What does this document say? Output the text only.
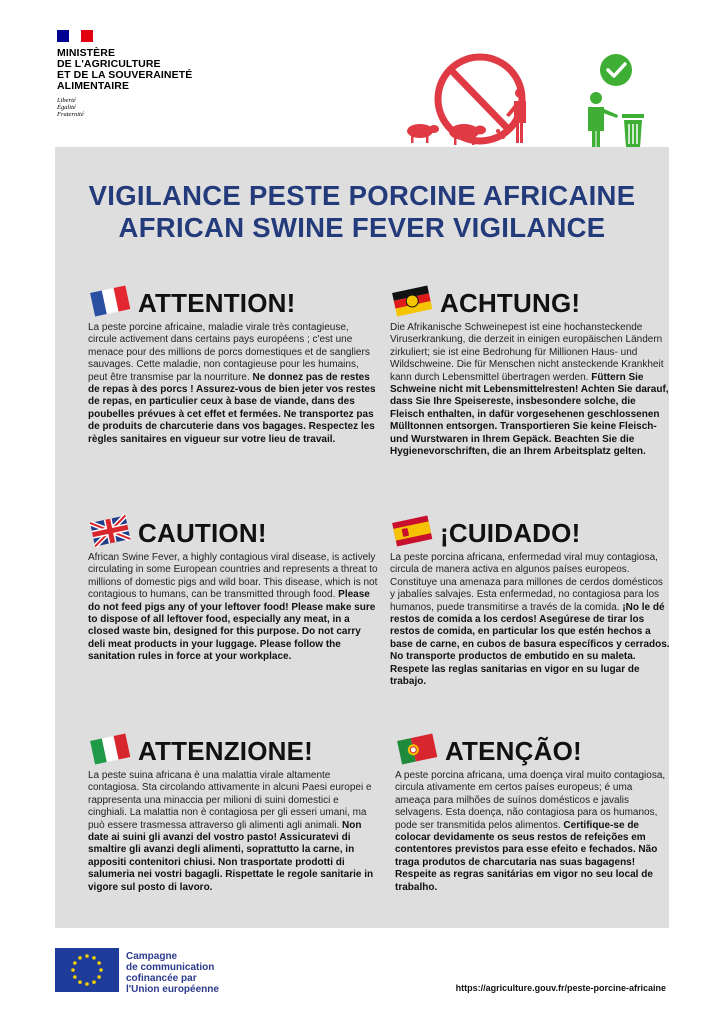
MINISTÈRE
DE L'AGRICULTURE
ET DE LA SOUVERAINETÉ
ALIMENTAIRE
Liberté
Égalité
Fraternité
VIGILANCE PESTE PORCINE AFRICAINE
AFRICAN SWINE FEVER VIGILANCE
ATTENTION!
La peste porcine africaine, maladie virale très contagieuse, circule activement dans certains pays européens ; c'est une menace pour des millions de porcs domestiques et de sangliers sauvages. Cette maladie, non contagieuse pour les humains, peut être transmise par la nourriture. Ne donnez pas de restes de repas à des porcs ! Assurez-vous de bien jeter vos restes de repas, en particulier ceux à base de viande, dans des poubelles prévues à cet effet et fermées. Ne transportez pas de produits de charcuterie dans vos bagages. Respectez les règles sanitaires en vigueur sur votre lieu de travail.
ACHTUNG!
Die Afrikanische Schweinepest ist eine hochansteckende Viruserkrankung, die derzeit in einigen europäischen Ländern zirkuliert; sie ist eine Bedrohung für Millionen Haus- und Wildschweine. Die für Menschen nicht ansteckende Krankheit kann durch Lebensmittel übertragen werden. Füttern Sie Schweine nicht mit Lebensmittelresten! Achten Sie darauf, dass Sie Ihre Speisereste, insbesondere solche, die Fleisch enthalten, in dafür vorgesehenen geschlossenen Mülltonnen entsorgen. Transportieren Sie keine Fleisch- und Wurstwaren in Ihrem Gepäck. Beachten Sie die Hygienevorschriften, die an Ihrem Arbeitsplatz gelten.
CAUTION!
African Swine Fever, a highly contagious viral disease, is actively circulating in some European countries and represents a threat to millions of domestic pigs and wild boar. This disease, which is not contagious to humans, can be transmitted through food. Please do not feed pigs any of your leftover food! Please make sure to dispose of all leftover food, especially any meat, in a closed waste bin, designed for this purpose. Do not carry deli meat products in your luggage. Please follow the sanitation rules in force at your workplace.
¡CUIDADO!
La peste porcina africana, enfermedad viral muy contagiosa, circula de manera activa en algunos países europeos. Constituye una amenaza para millones de cerdos domésticos y jabalíes salvajes. Esta enfermedad, no contagiosa para los humanos, puede transmitirse a través de la comida. ¡No le dé restos de comida a los cerdos! Asegúrese de tirar los restos de comida, en particular los que estén hechos a base de carne, en cubos de basura específicos y cerrados. No transporte productos de embutido en su maleta. Respete las reglas sanitarias en vigor en su lugar de trabajo.
ATTENZIONE!
La peste suina africana è una malattia virale altamente contagiosa. Sta circolando attivamente in alcuni Paesi europei e rappresenta una minaccia per milioni di suini domestici e cinghiali. La malattia non è contagiosa per gli esseri umani, ma può essere trasmessa attraverso gli alimenti agli animali. Non date ai suini gli avanzi del vostro pasto! Assicuratevi di smaltire gli avanzi degli alimenti, soprattutto la carne, in appositi contenitori chiusi. Non trasportate prodotti di salumeria nei vostri bagagli. Rispettate le regole sanitarie in vigore sul posto di lavoro.
ATENÇÃO!
A peste porcina africana, uma doença viral muito contagiosa, circula ativamente em certos países europeus; é uma ameaça para milhões de suínos domésticos e javalis selvagens. Esta doença, não contagiosa para os humanos, pode ser transmitida pelos alimentos. Certifique-se de colocar devidamente os seus restos de refeições em contentores previstos para esse efeito e fechados. Não traga produtos de charcutaria nas suas bagagens! Respeite as regras sanitárias em vigor no seu local de trabalho.
Campagne
de communication
cofinancée par
l'Union européenne	https://agriculture.gouv.fr/peste-porcine-africaine
